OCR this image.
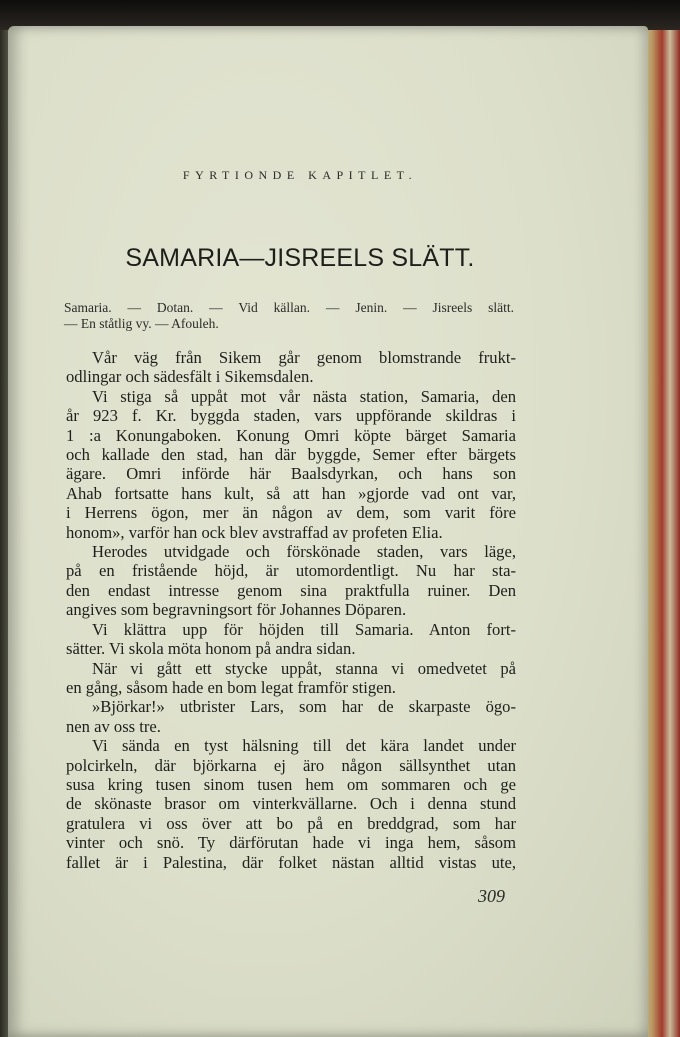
FYRTIONDE KAPITLET.
SAMARIA—JISREELS SLÄTT.
Samaria. — Dotan. — Vid källan. — Jenin. — Jisreels slätt.
— En ståtlig vy. — Afouleh.
Vår väg från Sikem går genom blomstrande frukt-
odlingar och sädesfält i Sikemsdalen.
Vi stiga så uppåt mot vår nästa station, Samaria, den
år 923 f. Kr. byggda staden, vars uppförande skildras i
1 :a Konungaboken. Konung Omri köpte bärget Samaria
och kallade den stad, han där byggde, Semer efter bärgets
ägare. Omri införde här Baalsdyrkan, och hans son
Ahab fortsatte hans kult, så att han »gjorde vad ont var,
i Herrens ögon, mer än någon av dem, som varit före
honom», varför han ock blev avstraffad av profeten Elia.
Herodes utvidgade och förskönade staden, vars läge,
på en fristående höjd, är utomordentligt. Nu har sta-
den endast intresse genom sina praktfulla ruiner. Den
angives som begravningsort för Johannes Döparen.
Vi klättra upp för höjden till Samaria. Anton fort-
sätter. Vi skola möta honom på andra sidan.
När vi gått ett stycke uppåt, stanna vi omedvetet på
en gång, såsom hade en bom legat framför stigen.
»Björkar!» utbrister Lars, som har de skarpaste ögo-
nen av oss tre.
Vi sända en tyst hälsning till det kära landet under
polcirkeln, där björkarna ej äro någon sällsynthet utan
susa kring tusen sinom tusen hem om sommaren och ge
de skönaste brasor om vinterkvällarne. Och i denna stund
gratulera vi oss över att bo på en breddgrad, som har
vinter och snö. Ty därförutan hade vi inga hem, såsom
fallet är i Palestina, där folket nästan alltid vistas ute,
309
